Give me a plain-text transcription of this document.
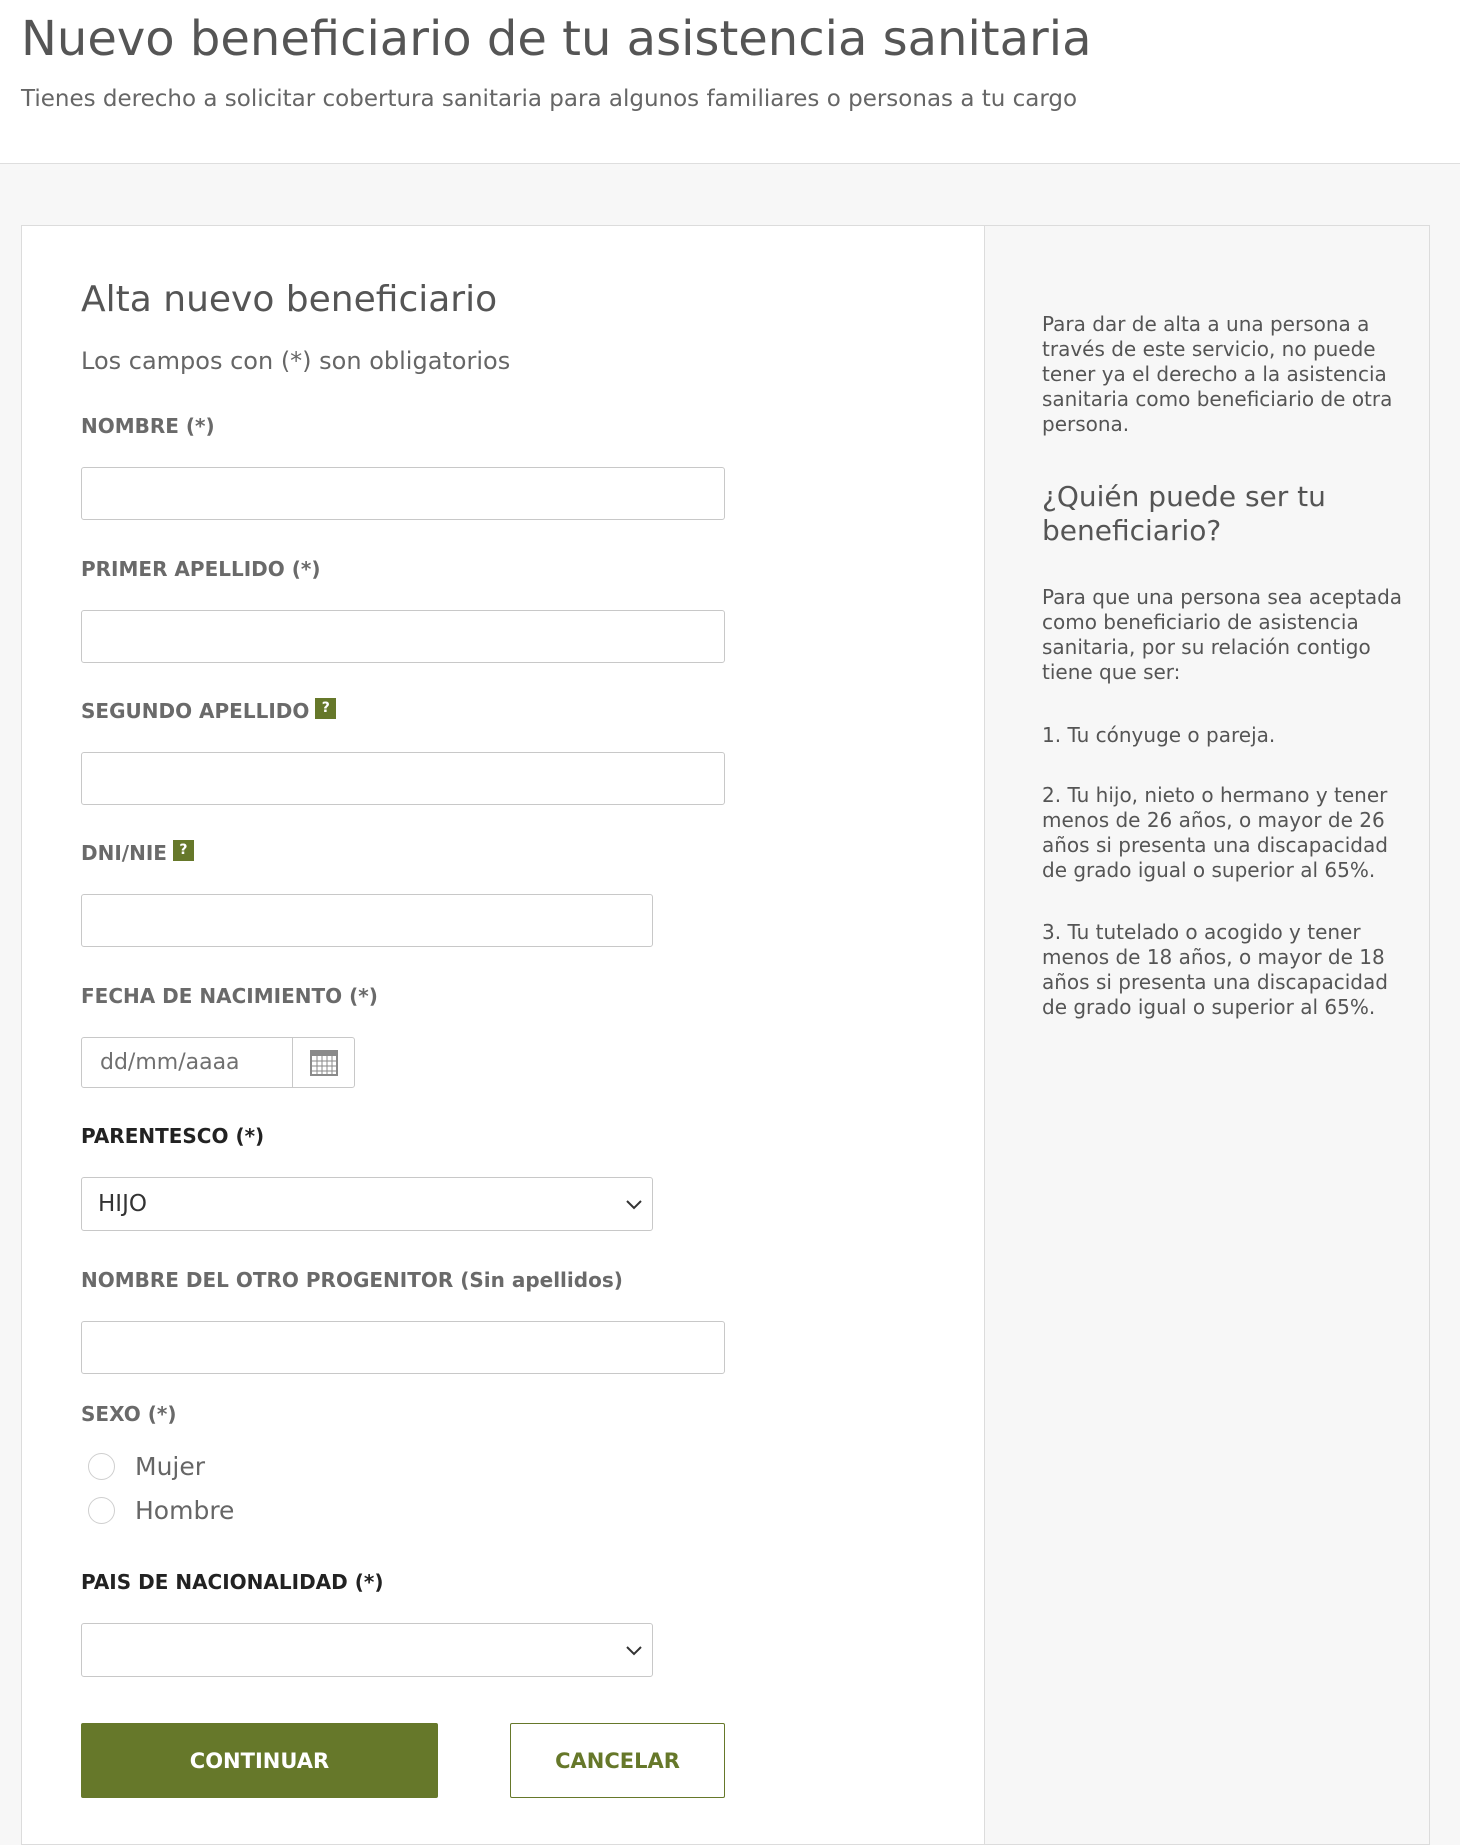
Nuevo beneficiario de tu asistencia sanitaria

Tienes derecho a solicitar cobertura sanitaria para algunos familiares o personas a tu cargo

Alta nuevo beneficiario
Los campos con (*) son obligatorios
NOMBRE (*)
PRIMER APELLIDO (*)
SEGUNDO APELLIDO ?
DNI/NIE ?
FECHA DE NACIMIENTO (*)
dd/mm/aaaa
PARENTESCO (*)
HIJO
NOMBRE DEL OTRO PROGENITOR (Sin apellidos)
SEXO (*)
Mujer
Hombre
PAIS DE NACIONALIDAD (*)
CONTINUAR	CANCELAR

Para dar de alta a una persona a través de este servicio, no puede tener ya el derecho a la asistencia sanitaria como beneficiario de otra persona.

¿Quién puede ser tu beneficiario?

Para que una persona sea aceptada como beneficiario de asistencia sanitaria, por su relación contigo tiene que ser:

1. Tu cónyuge o pareja.

2. Tu hijo, nieto o hermano y tener menos de 26 años, o mayor de 26 años si presenta una discapacidad de grado igual o superior al 65%.

3. Tu tutelado o acogido y tener menos de 18 años, o mayor de 18 años si presenta una discapacidad de grado igual o superior al 65%.
